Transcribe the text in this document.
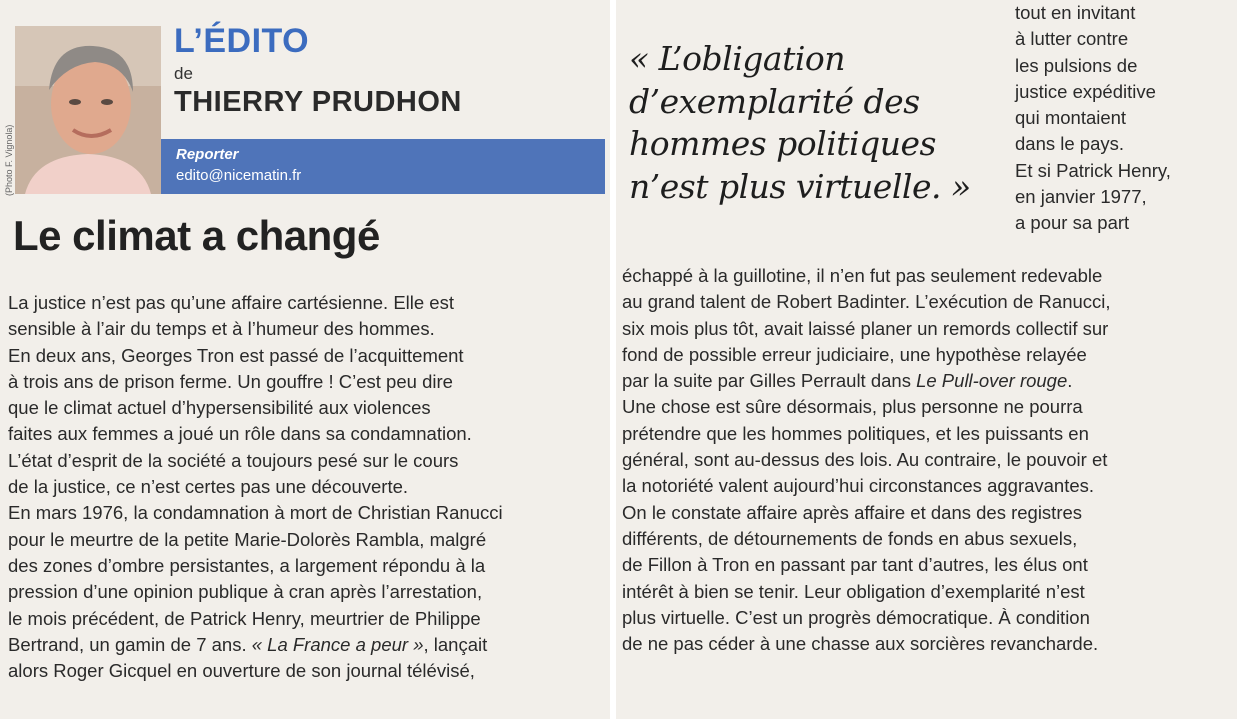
(Photo F. Vignola)
L’ÉDITO
de
THIERRY PRUDHON
Reporter
edito@nicematin.fr
Le climat a changé
La justice n’est pas qu’une affaire cartésienne. Elle est
sensible à l’air du temps et à l’humeur des hommes.
En deux ans, Georges Tron est passé de l’acquittement
à trois ans de prison ferme. Un gouffre ! C’est peu dire
que le climat actuel d’hypersensibilité aux violences
faites aux femmes a joué un rôle dans sa condamnation.
L’état d’esprit de la société a toujours pesé sur le cours
de la justice, ce n’est certes pas une découverte.
En mars 1976, la condamnation à mort de Christian Ranucci
pour le meurtre de la petite Marie-Dolorès Rambla, malgré
des zones d’ombre persistantes, a largement répondu à la
pression d’une opinion publique à cran après l’arrestation,
le mois précédent, de Patrick Henry, meurtrier de Philippe
Bertrand, un gamin de 7 ans. « La France a peur », lançait
alors Roger Gicquel en ouverture de son journal télévisé,
« L’obligation
d’exemplarité des
hommes politiques
n’est plus virtuelle. »
tout en invitant
à lutter contre
les pulsions de
justice expéditive
qui montaient
dans le pays.
Et si Patrick Henry,
en janvier 1977,
a pour sa part
échappé à la guillotine, il n’en fut pas seulement redevable
au grand talent de Robert Badinter. L’exécution de Ranucci,
six mois plus tôt, avait laissé planer un remords collectif sur
fond de possible erreur judiciaire, une hypothèse relayée
par la suite par Gilles Perrault dans Le Pull-over rouge.
Une chose est sûre désormais, plus personne ne pourra
prétendre que les hommes politiques, et les puissants en
général, sont au-dessus des lois. Au contraire, le pouvoir et
la notoriété valent aujourd’hui circonstances aggravantes.
On le constate affaire après affaire et dans des registres
différents, de détournements de fonds en abus sexuels,
de Fillon à Tron en passant par tant d’autres, les élus ont
intérêt à bien se tenir. Leur obligation d’exemplarité n’est
plus virtuelle. C’est un progrès démocratique. À condition
de ne pas céder à une chasse aux sorcières revancharde.
